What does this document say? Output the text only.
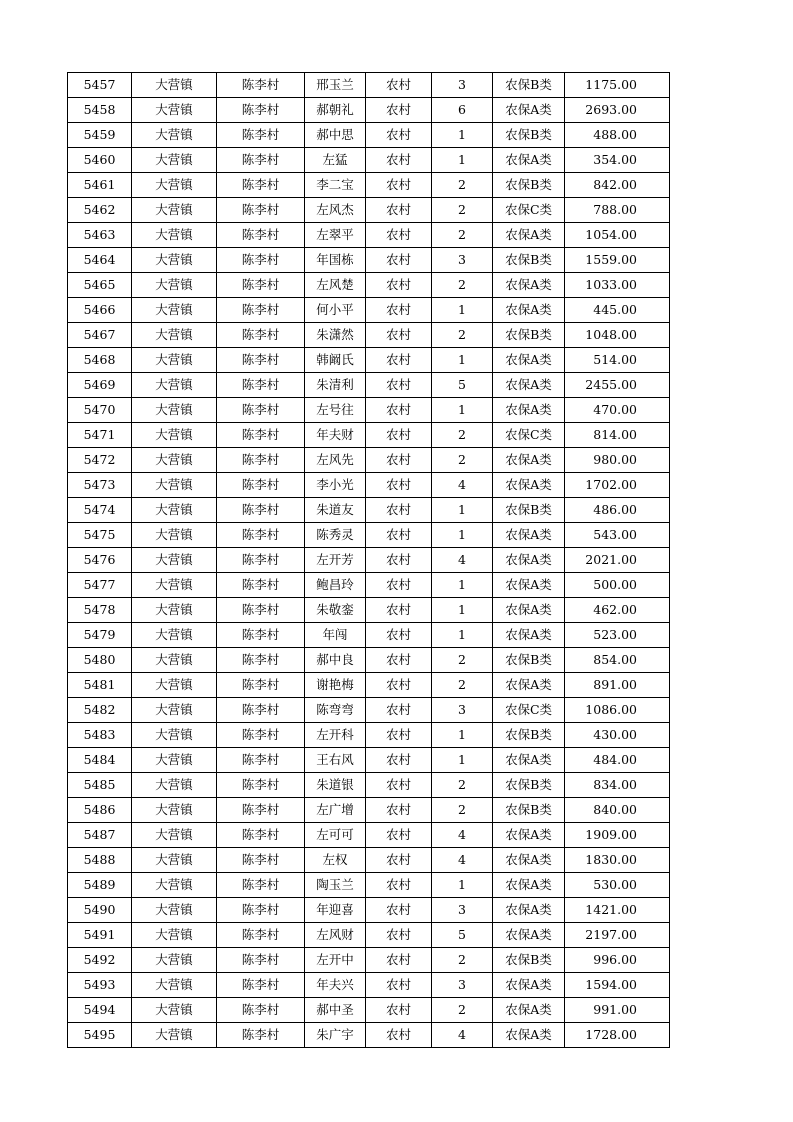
5457	大营镇	陈李村	邢玉兰	农村	3	农保B类	1175.00
5458	大营镇	陈李村	郝朝礼	农村	6	农保A类	2693.00
5459	大营镇	陈李村	郝中思	农村	1	农保B类	488.00
5460	大营镇	陈李村	左猛	农村	1	农保A类	354.00
5461	大营镇	陈李村	李二宝	农村	2	农保B类	842.00
5462	大营镇	陈李村	左风杰	农村	2	农保C类	788.00
5463	大营镇	陈李村	左翠平	农村	2	农保A类	1054.00
5464	大营镇	陈李村	年国栋	农村	3	农保B类	1559.00
5465	大营镇	陈李村	左风楚	农村	2	农保A类	1033.00
5466	大营镇	陈李村	何小平	农村	1	农保A类	445.00
5467	大营镇	陈李村	朱潇然	农村	2	农保B类	1048.00
5468	大营镇	陈李村	韩阚氏	农村	1	农保A类	514.00
5469	大营镇	陈李村	朱清利	农村	5	农保A类	2455.00
5470	大营镇	陈李村	左号往	农村	1	农保A类	470.00
5471	大营镇	陈李村	年夫财	农村	2	农保C类	814.00
5472	大营镇	陈李村	左风先	农村	2	农保A类	980.00
5473	大营镇	陈李村	李小光	农村	4	农保A类	1702.00
5474	大营镇	陈李村	朱道友	农村	1	农保B类	486.00
5475	大营镇	陈李村	陈秀灵	农村	1	农保A类	543.00
5476	大营镇	陈李村	左开芳	农村	4	农保A类	2021.00
5477	大营镇	陈李村	鲍昌玲	农村	1	农保A类	500.00
5478	大营镇	陈李村	朱敬銮	农村	1	农保A类	462.00
5479	大营镇	陈李村	年闯	农村	1	农保A类	523.00
5480	大营镇	陈李村	郝中良	农村	2	农保B类	854.00
5481	大营镇	陈李村	谢艳梅	农村	2	农保A类	891.00
5482	大营镇	陈李村	陈弯弯	农村	3	农保C类	1086.00
5483	大营镇	陈李村	左开科	农村	1	农保B类	430.00
5484	大营镇	陈李村	王右风	农村	1	农保A类	484.00
5485	大营镇	陈李村	朱道银	农村	2	农保B类	834.00
5486	大营镇	陈李村	左广增	农村	2	农保B类	840.00
5487	大营镇	陈李村	左可可	农村	4	农保A类	1909.00
5488	大营镇	陈李村	左权	农村	4	农保A类	1830.00
5489	大营镇	陈李村	陶玉兰	农村	1	农保A类	530.00
5490	大营镇	陈李村	年迎喜	农村	3	农保A类	1421.00
5491	大营镇	陈李村	左风财	农村	5	农保A类	2197.00
5492	大营镇	陈李村	左开中	农村	2	农保B类	996.00
5493	大营镇	陈李村	年夫兴	农村	3	农保A类	1594.00
5494	大营镇	陈李村	郝中圣	农村	2	农保A类	991.00
5495	大营镇	陈李村	朱广宇	农村	4	农保A类	1728.00
